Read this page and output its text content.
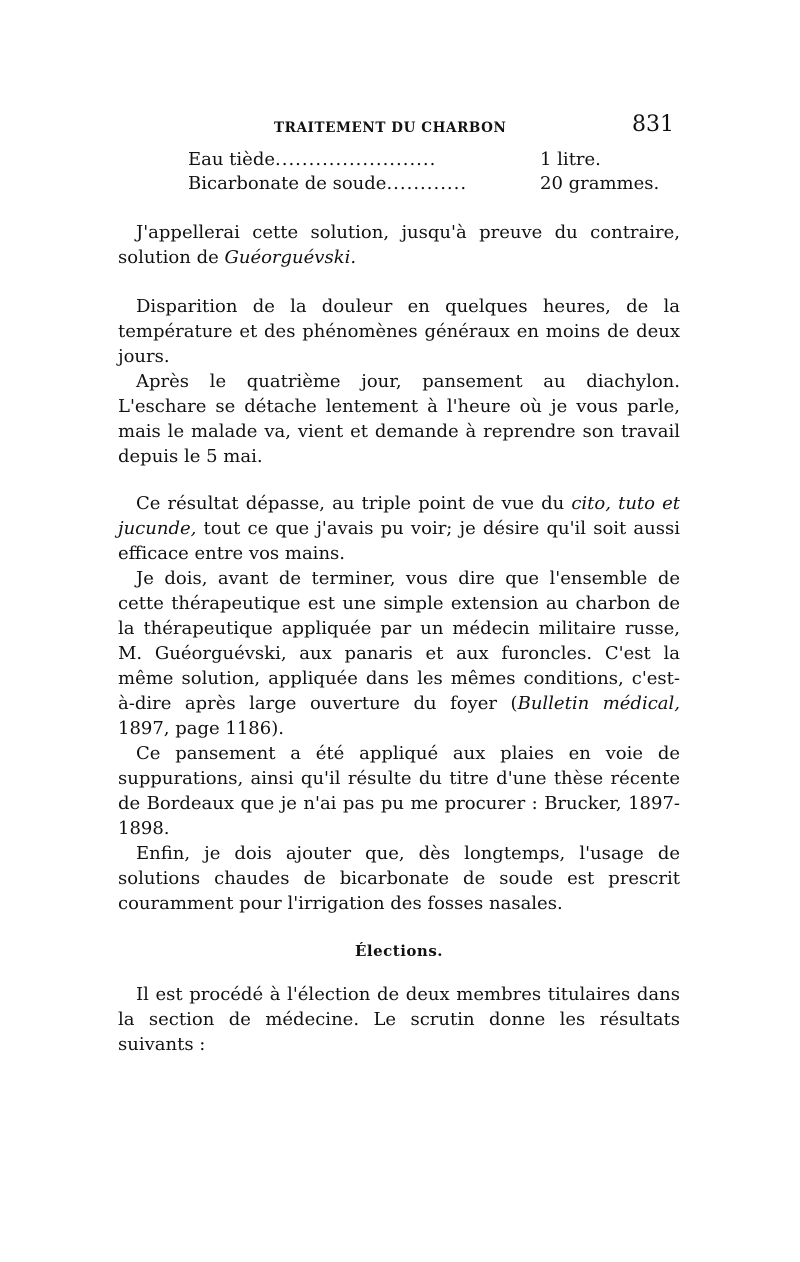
TRAITEMENT DU CHARBON	831
Eau tiède ........................	1 litre.
Bicarbonate de soude ............	20 grammes.

J'appellerai cette solution, jusqu'à preuve du contraire, solution de Guéorguévski.

Disparition de la douleur en quelques heures, de la température et des phénomènes généraux en moins de deux jours.

Après le quatrième jour, pansement au diachylon. L'eschare se détache lentement à l'heure où je vous parle, mais le malade va, vient et demande à reprendre son travail depuis le 5 mai.

Ce résultat dépasse, au triple point de vue du cito, tuto et jucunde, tout ce que j'avais pu voir; je désire qu'il soit aussi efficace entre vos mains.

Je dois, avant de terminer, vous dire que l'ensemble de cette thérapeutique est une simple extension au charbon de la thérapeutique appliquée par un médecin militaire russe, M. Guéorguévski, aux panaris et aux furoncles. C'est la même solution, appliquée dans les mêmes conditions, c'est-à-dire après large ouverture du foyer (Bulletin médical, 1897, page 1186).

Ce pansement a été appliqué aux plaies en voie de suppurations, ainsi qu'il résulte du titre d'une thèse récente de Bordeaux que je n'ai pas pu me procurer : Brucker, 1897-1898.

Enfin, je dois ajouter que, dès longtemps, l'usage de solutions chaudes de bicarbonate de soude est prescrit couramment pour l'irrigation des fosses nasales.

Élections.

Il est procédé à l'élection de deux membres titulaires dans la section de médecine. Le scrutin donne les résultats suivants :
